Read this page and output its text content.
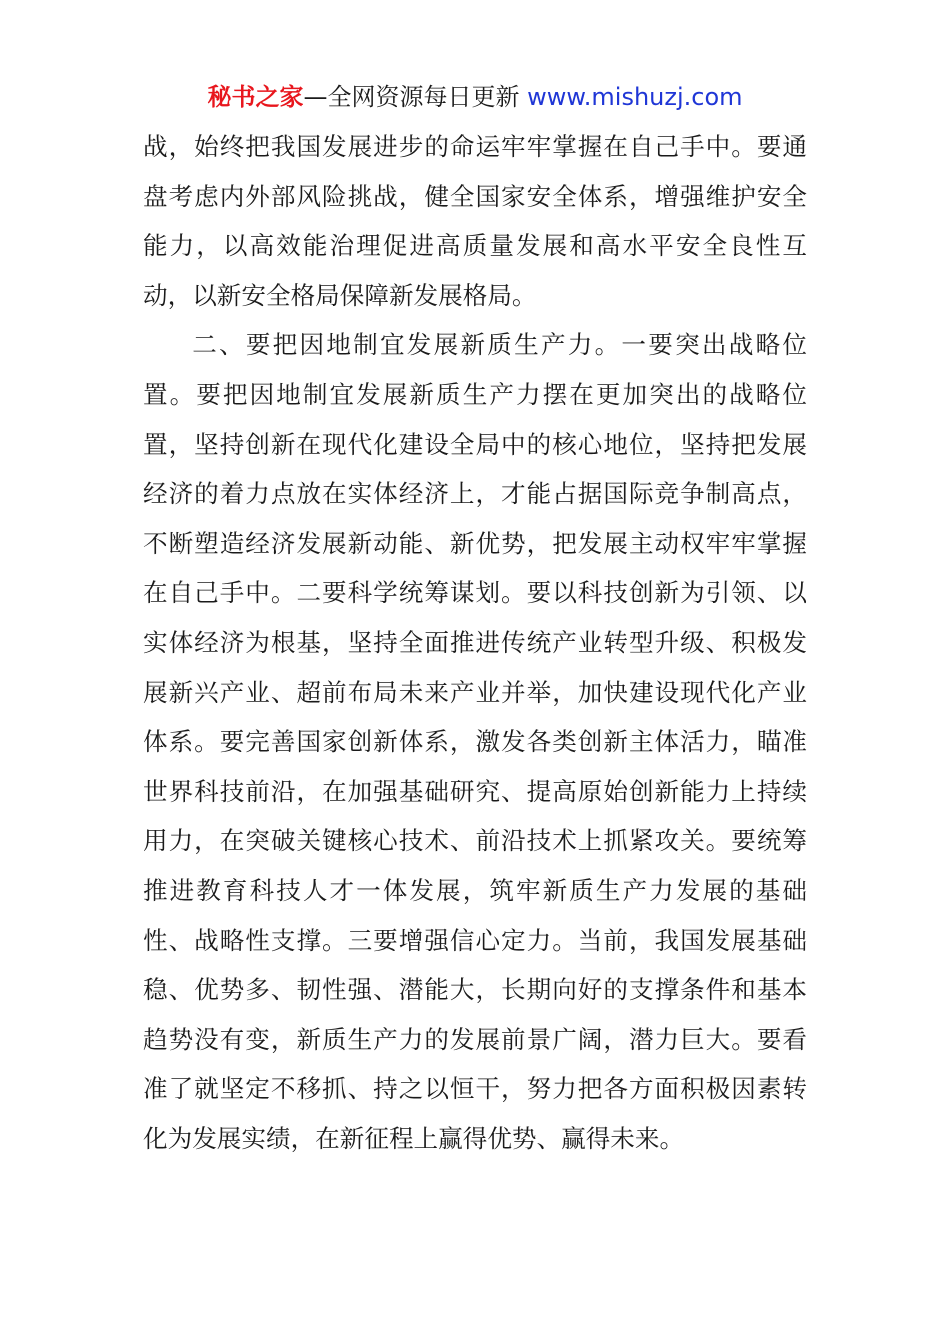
秘书之家—全网资源每日更新 www.mishuzj.com

战，始终把我国发展进步的命运牢牢掌握在自己手中。要通盘考虑内外部风险挑战，健全国家安全体系，增强维护安全能力，以高效能治理促进高质量发展和高水平安全良性互动，以新安全格局保障新发展格局。

二、要把因地制宜发展新质生产力。一要突出战略位置。要把因地制宜发展新质生产力摆在更加突出的战略位置，坚持创新在现代化建设全局中的核心地位，坚持把发展经济的着力点放在实体经济上，才能占据国际竞争制高点，不断塑造经济发展新动能、新优势，把发展主动权牢牢掌握在自己手中。二要科学统筹谋划。要以科技创新为引领、以实体经济为根基，坚持全面推进传统产业转型升级、积极发展新兴产业、超前布局未来产业并举，加快建设现代化产业体系。要完善国家创新体系，激发各类创新主体活力，瞄准世界科技前沿，在加强基础研究、提高原始创新能力上持续用力，在突破关键核心技术、前沿技术上抓紧攻关。要统筹推进教育科技人才一体发展，筑牢新质生产力发展的基础性、战略性支撑。三要增强信心定力。当前，我国发展基础稳、优势多、韧性强、潜能大，长期向好的支撑条件和基本趋势没有变，新质生产力的发展前景广阔，潜力巨大。要看准了就坚定不移抓、持之以恒干，努力把各方面积极因素转化为发展实绩，在新征程上赢得优势、赢得未来。
